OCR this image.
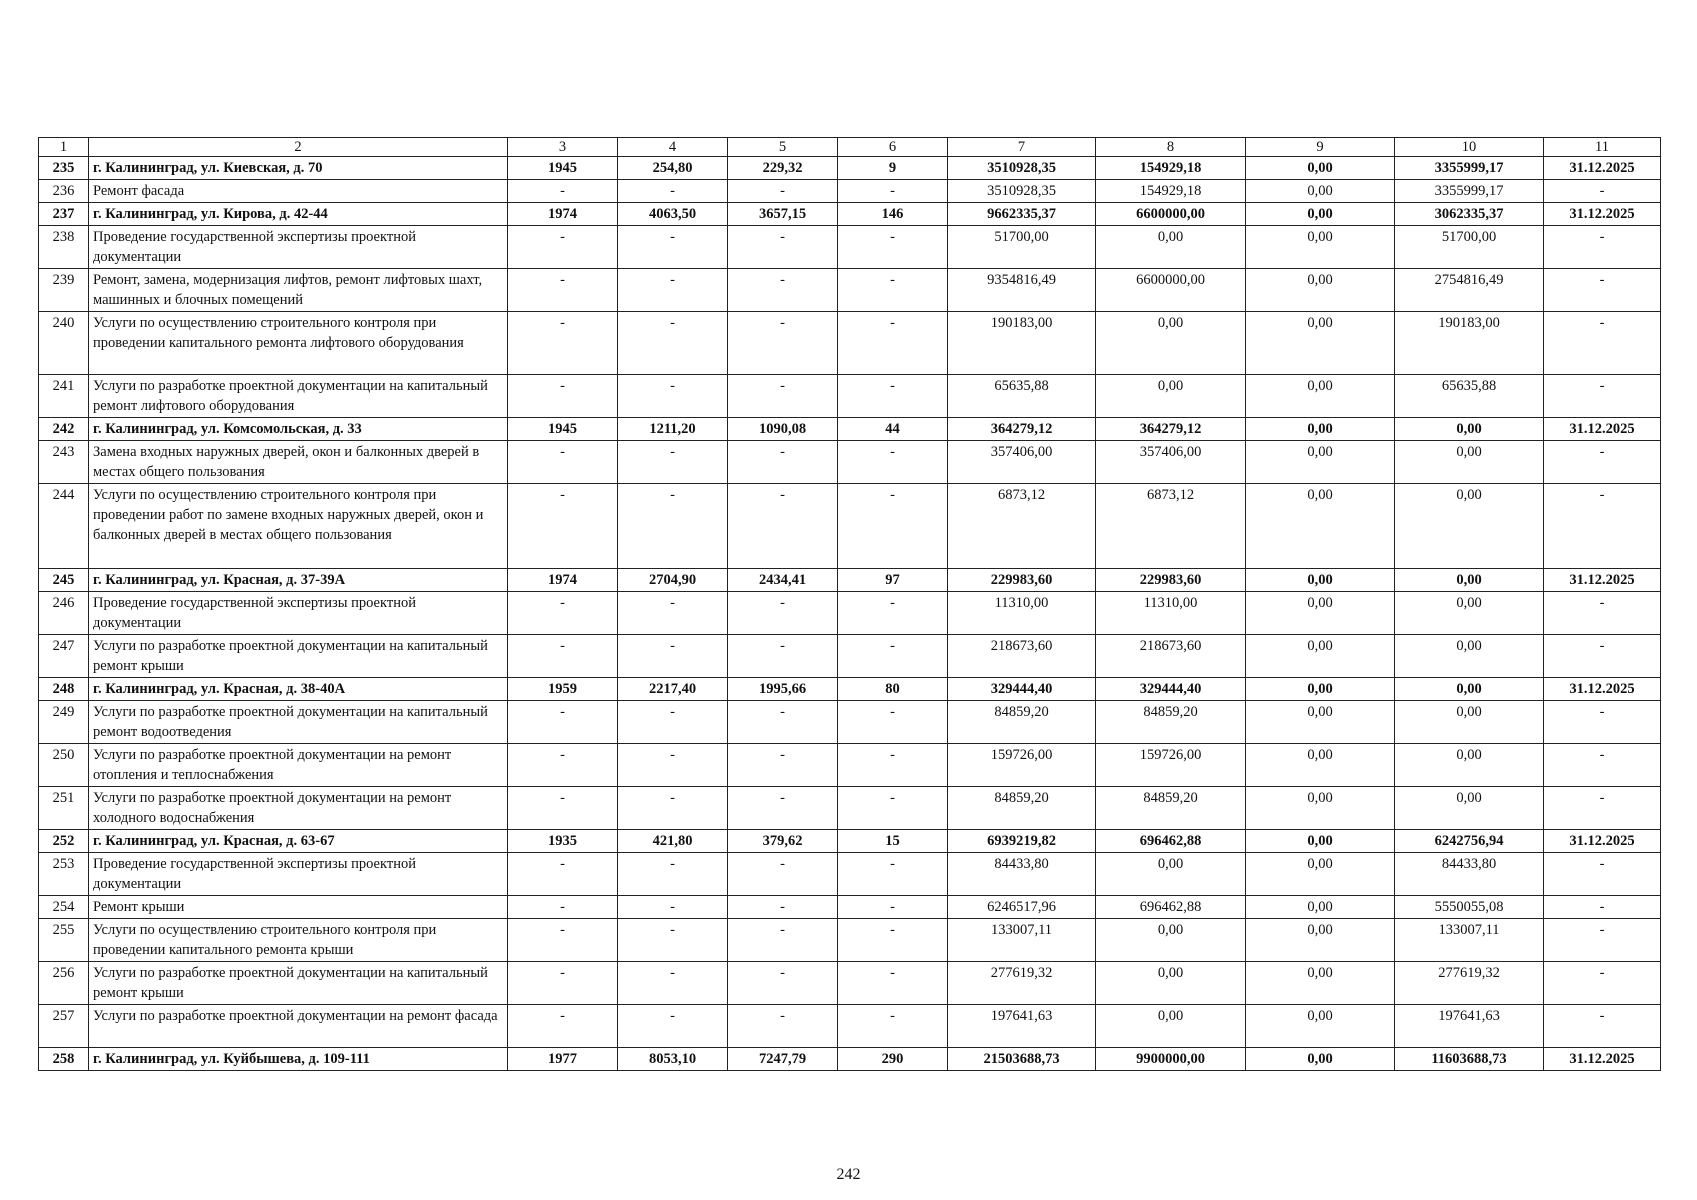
1	2	3	4	5	6	7	8	9	10	11
235	г. Калининград, ул. Киевская, д. 70	1945	254,80	229,32	9	3510928,35	154929,18	0,00	3355999,17	31.12.2025
236	Ремонт фасада	-	-	-	-	3510928,35	154929,18	0,00	3355999,17	-
237	г. Калининград, ул. Кирова, д. 42-44	1974	4063,50	3657,15	146	9662335,37	6600000,00	0,00	3062335,37	31.12.2025
238	Проведение государственной экспертизы проектной документации	-	-	-	-	51700,00	0,00	0,00	51700,00	-
239	Ремонт, замена, модернизация лифтов, ремонт лифтовых шахт, машинных и блочных помещений	-	-	-	-	9354816,49	6600000,00	0,00	2754816,49	-
240	Услуги по осуществлению строительного контроля при проведении капитального ремонта лифтового оборудования	-	-	-	-	190183,00	0,00	0,00	190183,00	-
241	Услуги по разработке проектной документации на капитальный ремонт лифтового оборудования	-	-	-	-	65635,88	0,00	0,00	65635,88	-
242	г. Калининград, ул. Комсомольская, д. 33	1945	1211,20	1090,08	44	364279,12	364279,12	0,00	0,00	31.12.2025
243	Замена входных наружных дверей, окон и балконных дверей в местах общего пользования	-	-	-	-	357406,00	357406,00	0,00	0,00	-
244	Услуги по осуществлению строительного контроля при проведении работ по замене входных наружных дверей, окон и балконных дверей в местах общего пользования	-	-	-	-	6873,12	6873,12	0,00	0,00	-
245	г. Калининград, ул. Красная, д. 37-39А	1974	2704,90	2434,41	97	229983,60	229983,60	0,00	0,00	31.12.2025
246	Проведение государственной экспертизы проектной документации	-	-	-	-	11310,00	11310,00	0,00	0,00	-
247	Услуги по разработке проектной документации на капитальный ремонт крыши	-	-	-	-	218673,60	218673,60	0,00	0,00	-
248	г. Калининград, ул. Красная, д. 38-40А	1959	2217,40	1995,66	80	329444,40	329444,40	0,00	0,00	31.12.2025
249	Услуги по разработке проектной документации на капитальный ремонт водоотведения	-	-	-	-	84859,20	84859,20	0,00	0,00	-
250	Услуги по разработке проектной документации на ремонт отопления и теплоснабжения	-	-	-	-	159726,00	159726,00	0,00	0,00	-
251	Услуги по разработке проектной документации на ремонт холодного водоснабжения	-	-	-	-	84859,20	84859,20	0,00	0,00	-
252	г. Калининград, ул. Красная, д. 63-67	1935	421,80	379,62	15	6939219,82	696462,88	0,00	6242756,94	31.12.2025
253	Проведение государственной экспертизы проектной документации	-	-	-	-	84433,80	0,00	0,00	84433,80	-
254	Ремонт крыши	-	-	-	-	6246517,96	696462,88	0,00	5550055,08	-
255	Услуги по осуществлению строительного контроля при проведении капитального ремонта крыши	-	-	-	-	133007,11	0,00	0,00	133007,11	-
256	Услуги по разработке проектной документации на капитальный ремонт крыши	-	-	-	-	277619,32	0,00	0,00	277619,32	-
257	Услуги по разработке проектной документации на ремонт фасада	-	-	-	-	197641,63	0,00	0,00	197641,63	-
258	г. Калининград, ул. Куйбышева, д. 109-111	1977	8053,10	7247,79	290	21503688,73	9900000,00	0,00	11603688,73	31.12.2025
242
